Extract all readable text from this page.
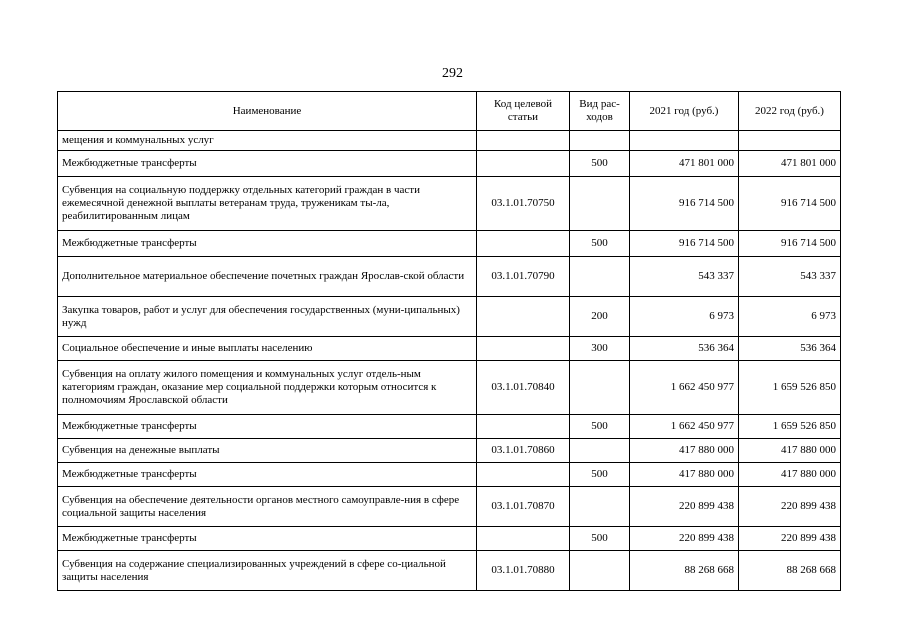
292
Наименование	Код целевой статьи	Вид рас-ходов	2021 год (руб.)	2022 год (руб.)
мещения и коммунальных услуг				
Межбюджетные трансферты		500	471 801 000	471 801 000
Субвенция на социальную поддержку отдельных категорий граждан в части ежемесячной денежной выплаты ветеранам труда, труженикам ты-ла, реабилитированным лицам	03.1.01.70750		916 714 500	916 714 500
Межбюджетные трансферты		500	916 714 500	916 714 500
Дополнительное материальное обеспечение почетных граждан Ярослав-ской области	03.1.01.70790		543 337	543 337
Закупка товаров, работ и услуг для обеспечения государственных (муни-ципальных) нужд		200	6 973	6 973
Социальное обеспечение и иные выплаты населению		300	536 364	536 364
Субвенция на оплату жилого помещения и коммунальных услуг отдель-ным категориям граждан, оказание мер социальной поддержки которым относится к полномочиям Ярославской области	03.1.01.70840		1 662 450 977	1 659 526 850
Межбюджетные трансферты		500	1 662 450 977	1 659 526 850
Субвенция на денежные выплаты	03.1.01.70860		417 880 000	417 880 000
Межбюджетные трансферты		500	417 880 000	417 880 000
Субвенция на обеспечение деятельности органов местного самоуправле-ния в сфере социальной защиты населения	03.1.01.70870		220 899 438	220 899 438
Межбюджетные трансферты		500	220 899 438	220 899 438
Субвенция на содержание специализированных учреждений в сфере со-циальной защиты населения	03.1.01.70880		88 268 668	88 268 668
